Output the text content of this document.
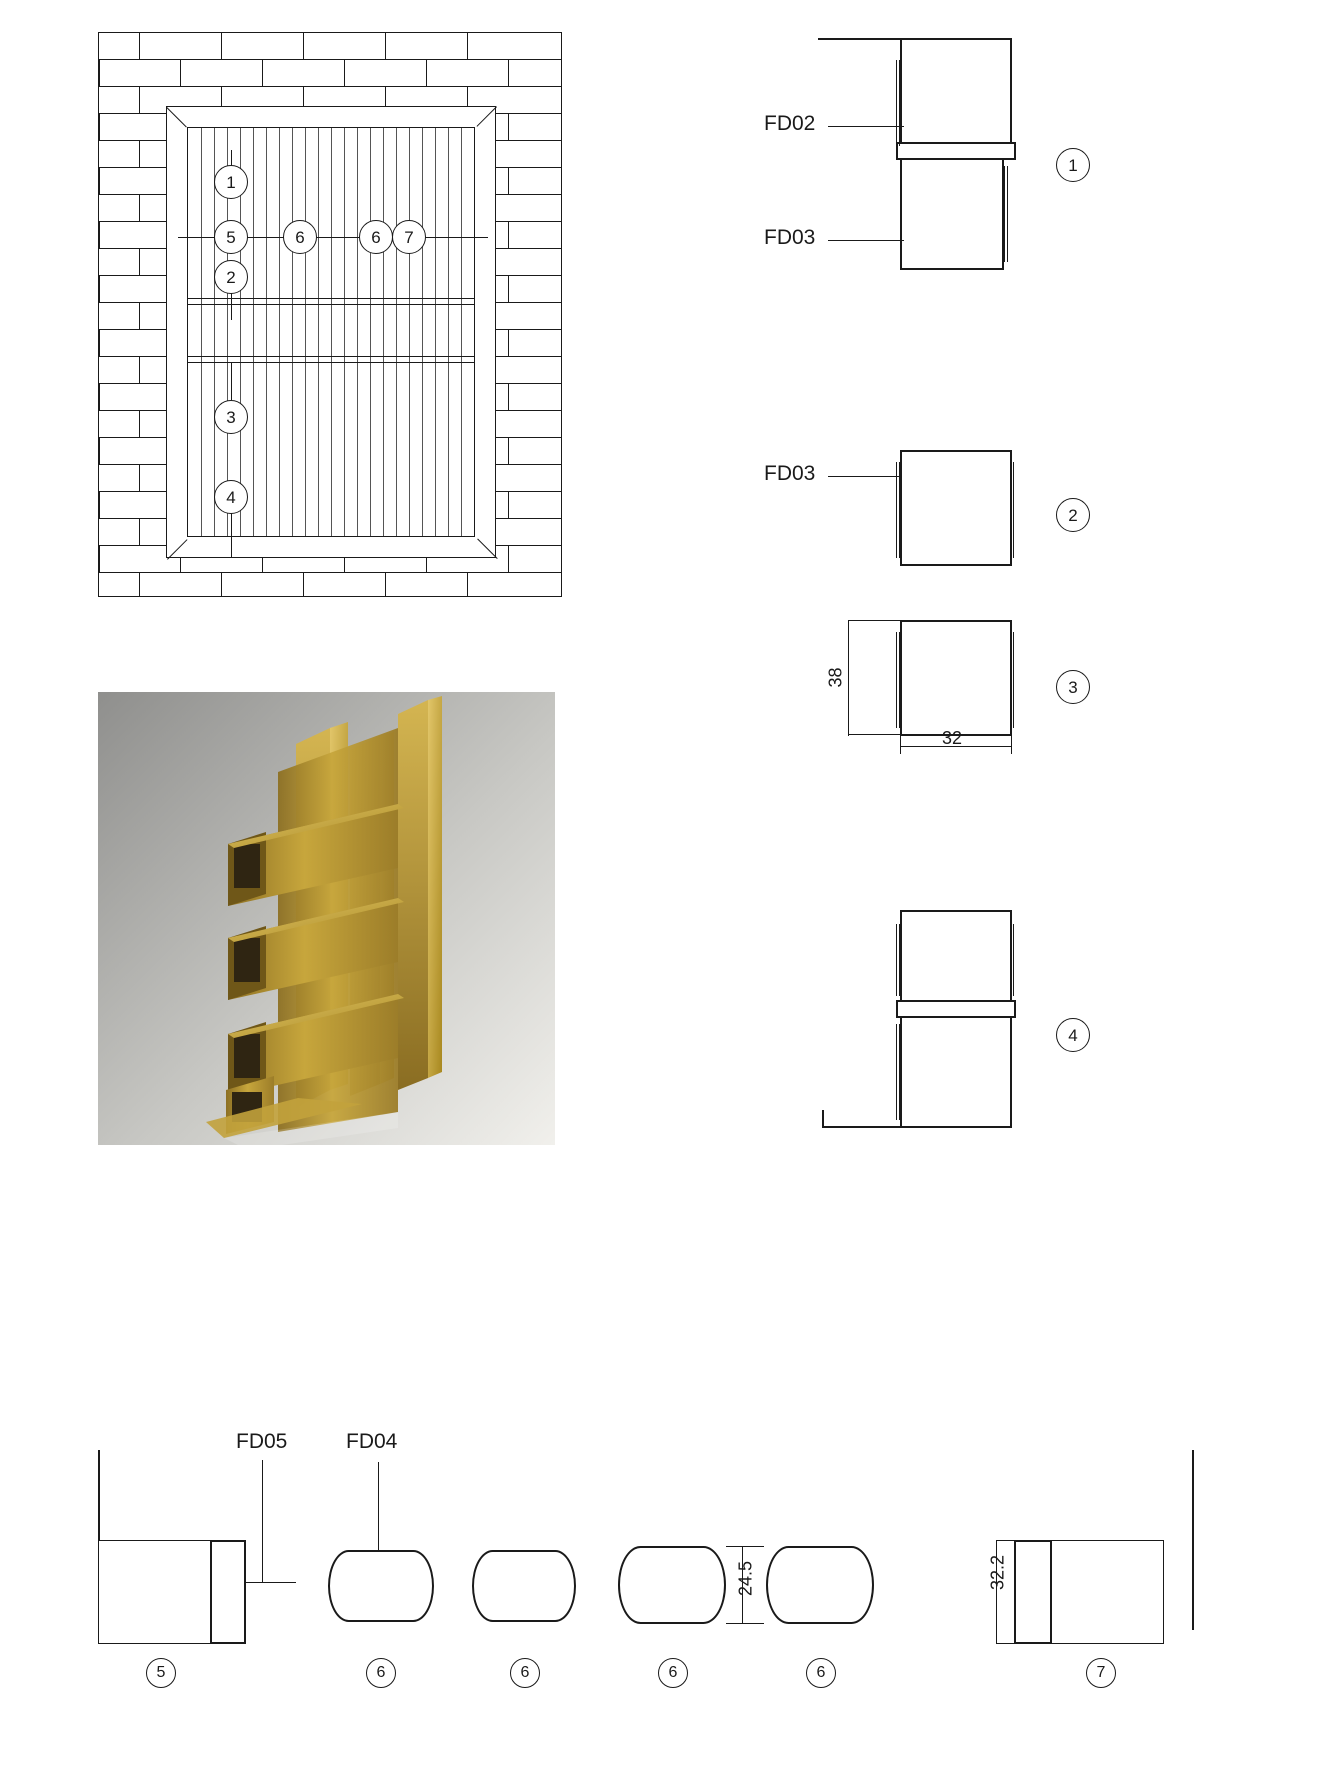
1
5
2
6	6 7
3
4
FD02
FD03
1
FD03
2
38
32
3
4
FD05
5
FD04
6	6
24.5
6	6
32.2
7
